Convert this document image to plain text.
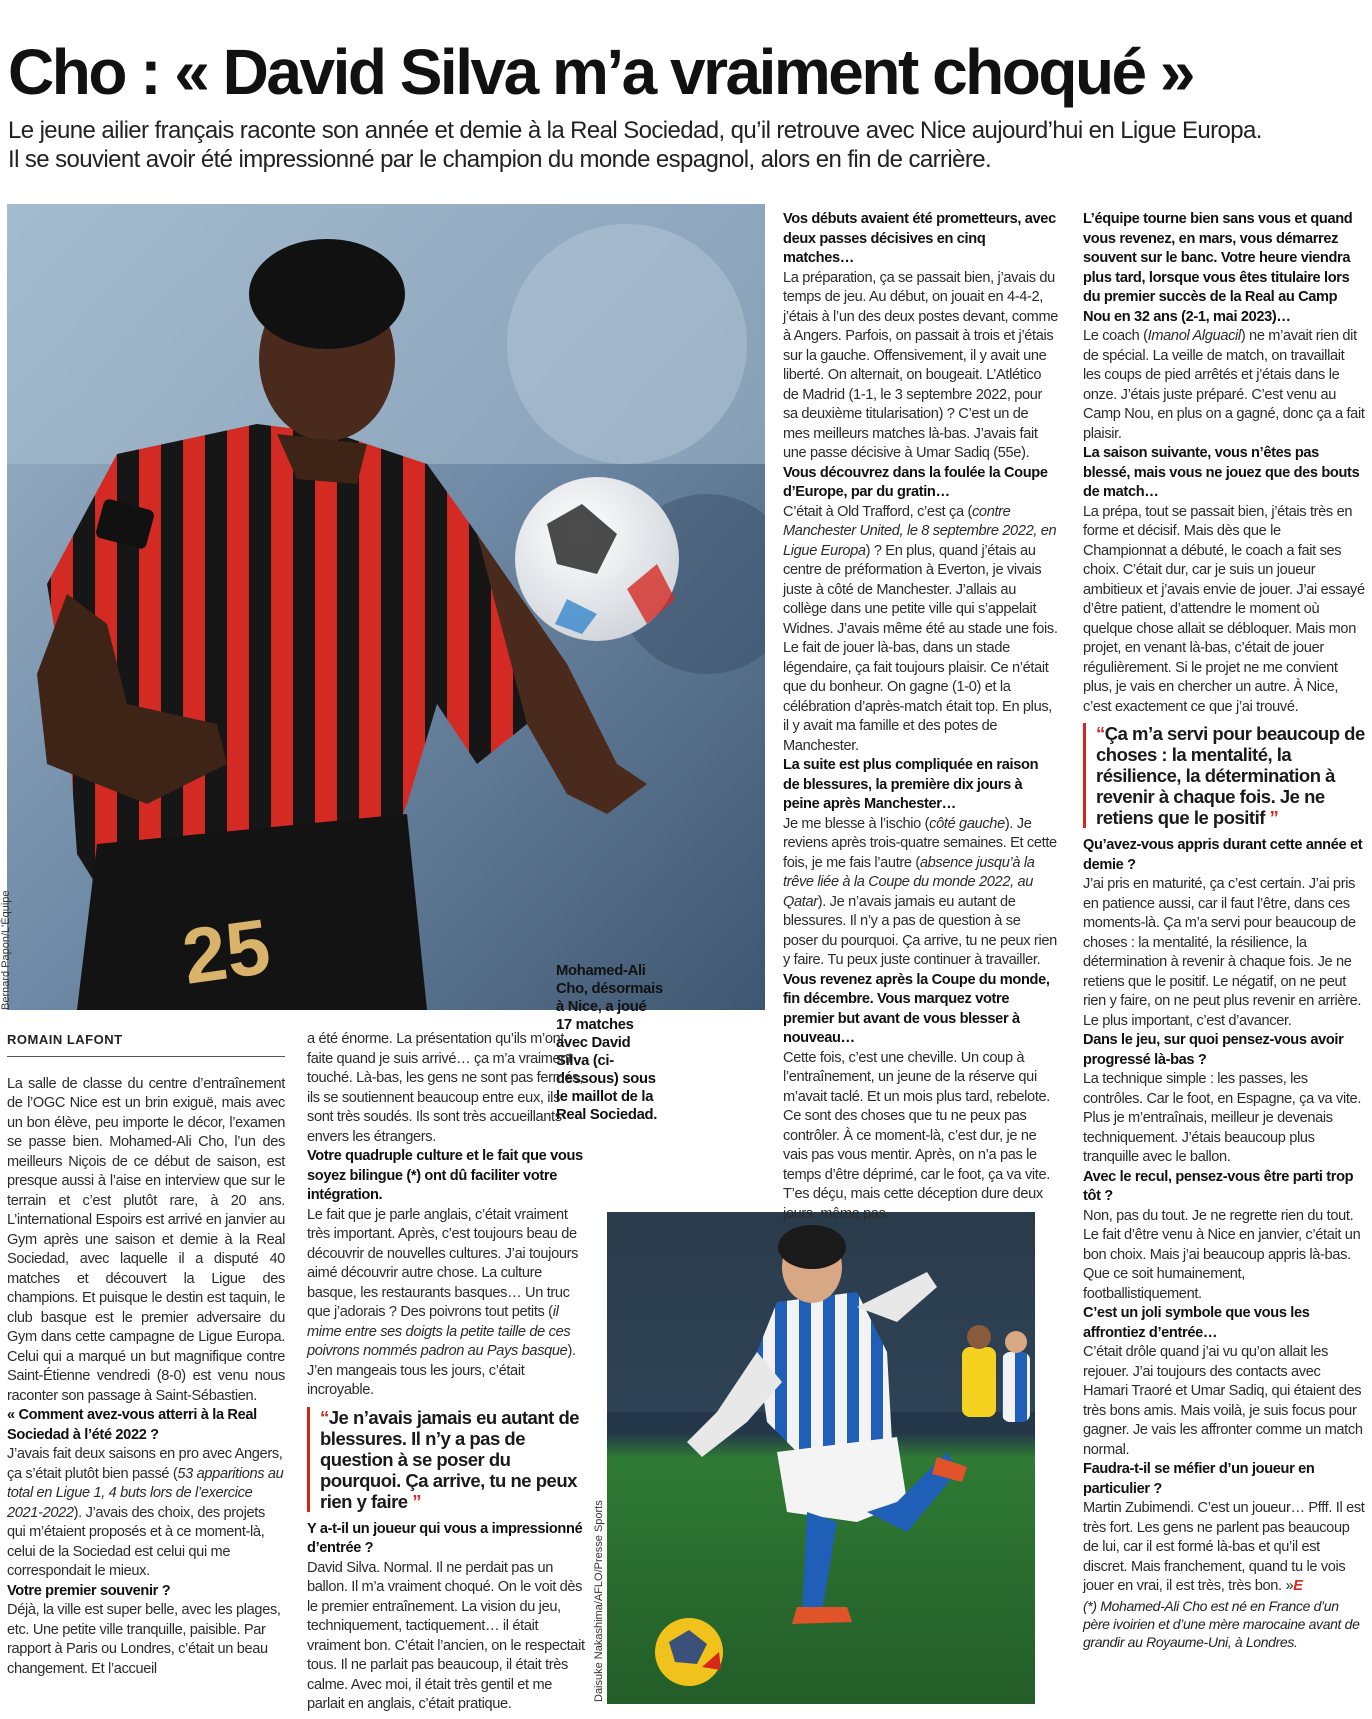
Cho : « David Silva m’a vraiment choqué »
Le jeune ailier français raconte son année et demie à la Real Sociedad, qu’il retrouve avec Nice aujourd’hui en Ligue Europa.
Il se souvient avoir été impressionné par le champion du monde espagnol, alors en fin de carrière.
25
Bernard Papon/L'Équipe
Daisuke Nakashima/AFLO/Presse Sports
Mohamed-Ali Cho, désormais à Nice, a joué 17 matches avec David Silva (ci-dessous) sous le maillot de la Real Sociedad.
ROMAIN LAFONT

La salle de classe du centre d’entraînement de l’OGC Nice est un brin exiguë, mais avec un bon élève, peu importe le décor, l’examen se passe bien. Mohamed-Ali Cho, l’un des meilleurs Niçois de ce début de saison, est presque aussi à l’aise en interview que sur le terrain et c’est plutôt rare, à 20 ans. L’international Espoirs est arrivé en janvier au Gym après une saison et demie à la Real Sociedad, avec laquelle il a disputé 40 matches et découvert la Ligue des champions. Et puisque le destin est taquin, le club basque est le premier adversaire du Gym dans cette campagne de Ligue Europa. Celui qui a marqué un but magnifique contre Saint-Étienne vendredi (8-0) est venu nous raconter son passage à Saint-Sébastien.

« Comment avez-vous atterri à la Real Sociedad à l’été 2022 ?

J’avais fait deux saisons en pro avec Angers, ça s’était plutôt bien passé (53 apparitions au total en Ligue 1, 4 buts lors de l’exercice 2021-2022). J’avais des choix, des projets qui m’étaient proposés et à ce moment-là, celui de la Sociedad est celui qui me correspondait le mieux.

Votre premier souvenir ?

Déjà, la ville est super belle, avec les plages, etc. Une petite ville tranquille, paisible. Par rapport à Paris ou Londres, c’était un beau changement. Et l’accueil

a été énorme. La présentation qu’ils m’ont faite quand je suis arrivé… ça m’a vraiment touché. Là-bas, les gens ne sont pas fermés, ils se soutiennent beaucoup entre eux, ils sont très soudés. Ils sont très accueillants envers les étrangers.

Votre quadruple culture et le fait que vous soyez bilingue (*) ont dû faciliter votre intégration.

Le fait que je parle anglais, c’était vraiment très important. Après, c’est toujours beau de découvrir de nouvelles cultures. J’ai toujours aimé découvrir autre chose. La culture basque, les restaurants basques… Un truc que j’adorais ? Des poivrons tout petits (il mime entre ses doigts la petite taille de ces poivrons nommés padron au Pays basque). J’en mangeais tous les jours, c’était incroyable.

“Je n’avais jamais eu autant de blessures. Il n’y a pas de question à se poser du pourquoi. Ça arrive, tu ne peux rien y faire ”

Y a-t-il un joueur qui vous a impressionné d’entrée ?

David Silva. Normal. Il ne perdait pas un ballon. Il m’a vraiment choqué. On le voit dès le premier entraînement. La vision du jeu, techniquement, tactiquement… il était vraiment bon. C’était l’ancien, on le respectait tous. Il ne parlait pas beaucoup, il était très calme. Avec moi, il était très gentil et me parlait en anglais, c’était pratique.

Vos débuts avaient été prometteurs, avec deux passes décisives en cinq matches…

La préparation, ça se passait bien, j’avais du temps de jeu. Au début, on jouait en 4-4-2, j’étais à l’un des deux postes devant, comme à Angers. Parfois, on passait à trois et j’étais sur la gauche. Offensivement, il y avait une liberté. On alternait, on bougeait. L’Atlético de Madrid (1-1, le 3 septembre 2022, pour sa deuxième titularisation) ? C’est un de mes meilleurs matches là-bas. J’avais fait une passe décisive à Umar Sadiq (55e).

Vous découvrez dans la foulée la Coupe d’Europe, par du gratin…

C’était à Old Trafford, c’est ça (contre Manchester United, le 8 septembre 2022, en Ligue Europa) ? En plus, quand j’étais au centre de préformation à Everton, je vivais juste à côté de Manchester. J’allais au collège dans une petite ville qui s’appelait Widnes. J’avais même été au stade une fois. Le fait de jouer là-bas, dans un stade légendaire, ça fait toujours plaisir. Ce n’était que du bonheur. On gagne (1-0) et la célébration d’après-match était top. En plus, il y avait ma famille et des potes de Manchester.

La suite est plus compliquée en raison de blessures, la première dix jours à peine après Manchester…

Je me blesse à l’ischio (côté gauche). Je reviens après trois-quatre semaines. Et cette fois, je me fais l’autre (absence jusqu’à la trêve liée à la Coupe du monde 2022, au Qatar). Je n’avais jamais eu autant de blessures. Il n’y a pas de question à se poser du pourquoi. Ça arrive, tu ne peux rien y faire. Tu peux juste continuer à travailler.

Vous revenez après la Coupe du monde, fin décembre. Vous marquez votre premier but avant de vous blesser à nouveau…

Cette fois, c’est une cheville. Un coup à l’entraînement, un jeune de la réserve qui m’avait taclé. Et un mois plus tard, rebelote. Ce sont des choses que tu ne peux pas contrôler. À ce moment-là, c’est dur, je ne vais pas vous mentir. Après, on n’a pas le temps d’être déprimé, car le foot, ça va vite. T’es déçu, mais cette déception dure deux jours, même pas.

L’équipe tourne bien sans vous et quand vous revenez, en mars, vous démarrez souvent sur le banc. Votre heure viendra plus tard, lorsque vous êtes titulaire lors du premier succès de la Real au Camp Nou en 32 ans (2-1, mai 2023)…

Le coach (Imanol Alguacil) ne m’avait rien dit de spécial. La veille de match, on travaillait les coups de pied arrêtés et j’étais dans le onze. J’étais juste préparé. C’est venu au Camp Nou, en plus on a gagné, donc ça a fait plaisir.

La saison suivante, vous n’êtes pas blessé, mais vous ne jouez que des bouts de match…

La prépa, tout se passait bien, j’étais très en forme et décisif. Mais dès que le Championnat a débuté, le coach a fait ses choix. C’était dur, car je suis un joueur ambitieux et j’avais envie de jouer. J’ai essayé d’être patient, d’attendre le moment où quelque chose allait se débloquer. Mais mon projet, en venant là-bas, c’était de jouer régulièrement. Si le projet ne me convient plus, je vais en chercher un autre. À Nice, c’est exactement ce que j’ai trouvé.

“Ça m’a servi pour beaucoup de choses : la mentalité, la résilience, la détermination à revenir à chaque fois. Je ne retiens que le positif ”

Qu’avez-vous appris durant cette année et demie ?

J’ai pris en maturité, ça c’est certain. J’ai pris en patience aussi, car il faut l’être, dans ces moments-là. Ça m’a servi pour beaucoup de choses : la mentalité, la résilience, la détermination à revenir à chaque fois. Je ne retiens que le positif. Le négatif, on ne peut rien y faire, on ne peut plus revenir en arrière. Le plus important, c’est d’avancer.

Dans le jeu, sur quoi pensez-vous avoir progressé là-bas ?

La technique simple : les passes, les contrôles. Car le foot, en Espagne, ça va vite. Plus je m’entraînais, meilleur je devenais techniquement. J’étais beaucoup plus tranquille avec le ballon.

Avec le recul, pensez-vous être parti trop tôt ?

Non, pas du tout. Je ne regrette rien du tout. Le fait d’être venu à Nice en janvier, c’était un bon choix. Mais j’ai beaucoup appris là-bas. Que ce soit humainement, footballistiquement.

C’est un joli symbole que vous les affrontiez d’entrée…

C’était drôle quand j’ai vu qu’on allait les rejouer. J’ai toujours des contacts avec Hamari Traoré et Umar Sadiq, qui étaient des très bons amis. Mais voilà, je suis focus pour gagner. Je vais les affronter comme un match normal.

Faudra-t-il se méfier d’un joueur en particulier ?

Martin Zubimendi. C’est un joueur… Pfff. Il est très fort. Les gens ne parlent pas beaucoup de lui, car il est formé là-bas et qu’il est discret. Mais franchement, quand tu le vois jouer en vrai, il est très, très bon. »E

(*) Mohamed-Ali Cho est né en France d’un père ivoirien et d’une mère marocaine avant de grandir au Royaume-Uni, à Londres.
